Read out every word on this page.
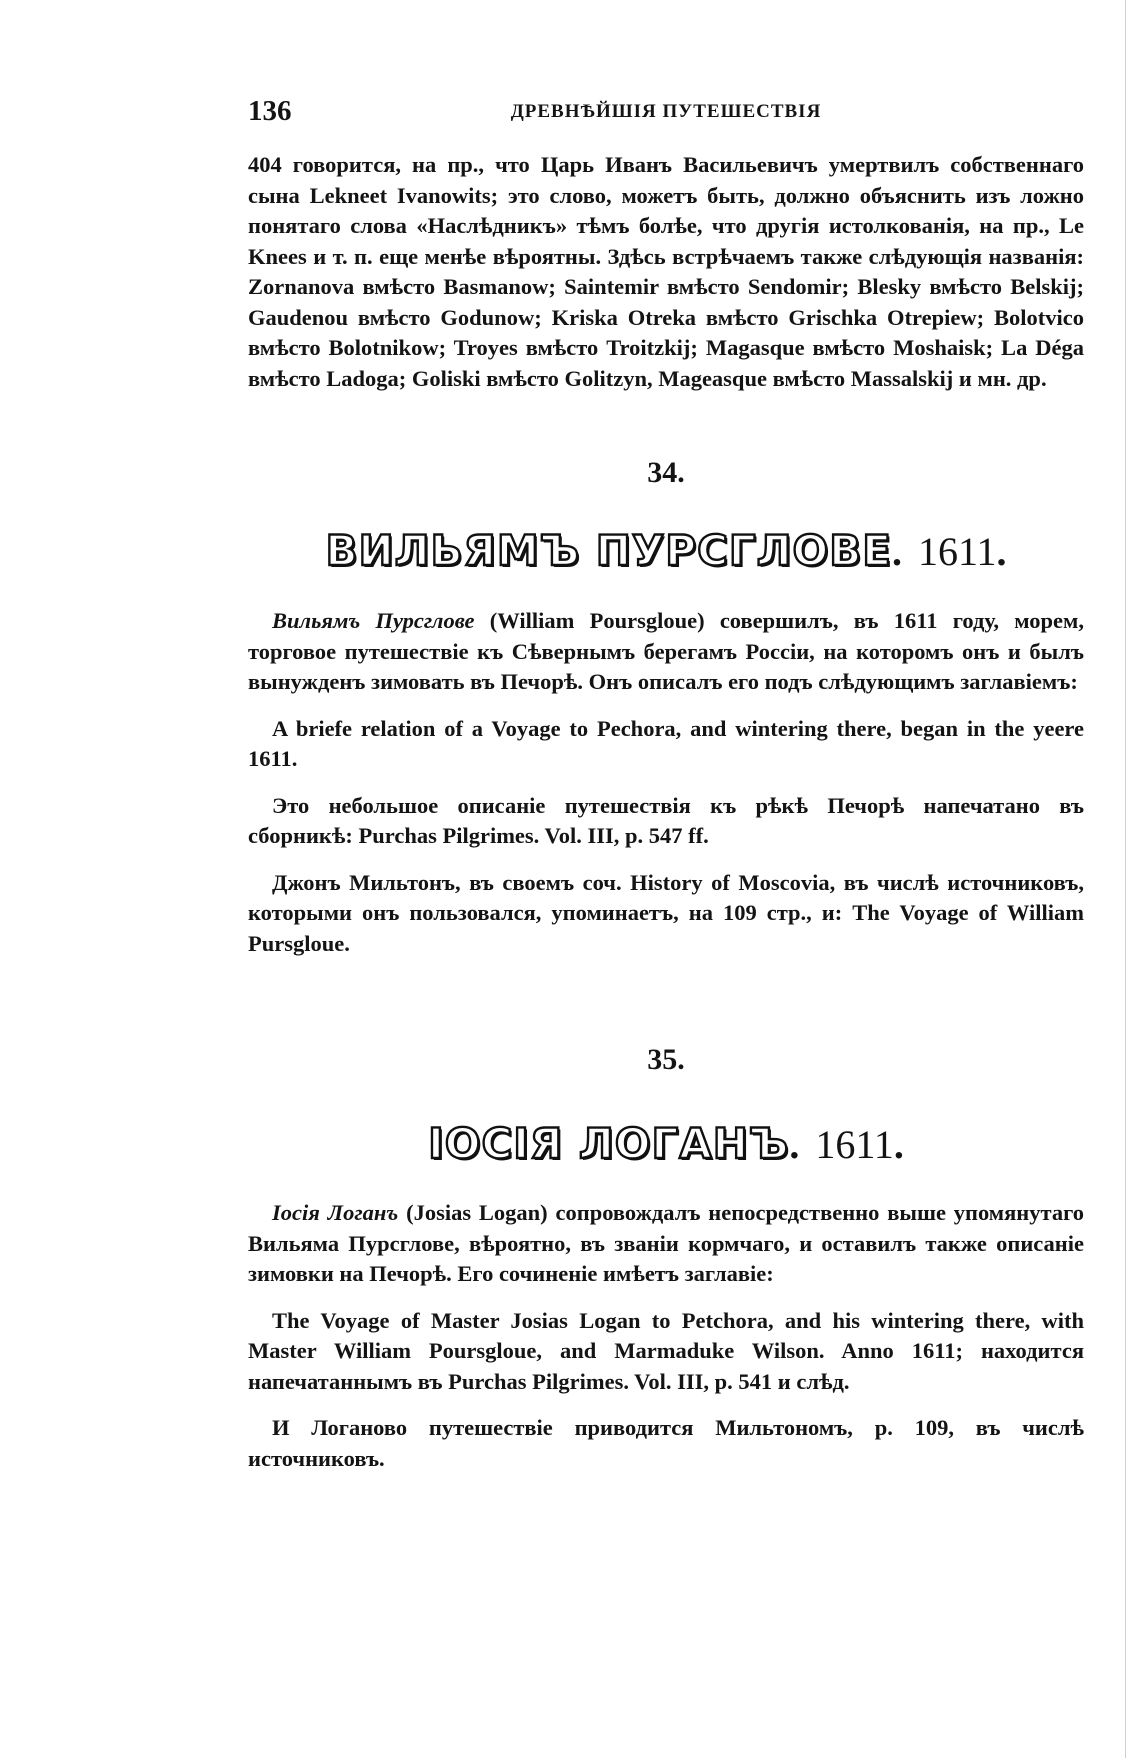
136	ДРЕВНѢЙШІЯ ПУТЕШЕСТВІЯ

404 говорится, на пр., что Царь Иванъ Васильевичъ умертвилъ собственнаго сына Lekneet Ivanowits; это слово, можетъ быть, должно объяснить изъ ложно понятаго слова «Наслѣдникъ» тѣмъ болѣе, что другія истолкованія, на пр., Le Knees и т. п. еще менѣе вѣроятны. Здѣсь встрѣчаемъ также слѣдующія названія: Zornanova вмѣсто Basmanow; Saintemir вмѣсто Sendomir; Blesky вмѣсто Belskij; Gaudenou вмѣсто Godunow; Kriska Otreka вмѣсто Grischka Otrepiew; Bolotvico вмѣсто Bolotnikow; Troyes вмѣсто Troitzkij; Magasque вмѣсто Moshaisk; La Déga вмѣсто Ladoga; Goliski вмѣсто Golitzyn, Mageasque вмѣсто Massalskij и мн. др.

34.
ВИЛЬЯМЪ ПУРСГЛОВЕ. 1611.

Вильямъ Пурсглове (William Poursgloue) совершилъ, въ 1611 году, морем, торговое путешествіе къ Сѣвернымъ берегамъ Россіи, на которомъ онъ и былъ вынужденъ зимовать въ Печорѣ. Онъ описалъ его подъ слѣдующимъ заглавіемъ:

A briefe relation of a Voyage to Pechora, and wintering there, began in the yeere 1611.

Это небольшое описаніе путешествія къ рѣкѣ Печорѣ напечатано въ сборникѣ: Purchas Pilgrimes. Vol. III, p. 547 ff.

Джонъ Мильтонъ, въ своемъ соч. History of Moscovia, въ числѣ источниковъ, которыми онъ пользовался, упоминаетъ, на 109 стр., и: The Voyage of William Pursgloue.

35.
ІОСІЯ ЛОГАНЪ. 1611.

Іосія Логанъ (Josias Logan) сопровождалъ непосредственно выше упомянутаго Вильяма Пурсглове, вѣроятно, въ званіи кормчаго, и оставилъ также описаніе зимовки на Печорѣ. Его сочиненіе имѣетъ заглавіе:

The Voyage of Master Josias Logan to Petchora, and his wintering there, with Master William Poursgloue, and Marmaduke Wilson. Anno 1611; находится напечатаннымъ въ Purchas Pilgrimes. Vol. III, p. 541 и слѣд.

И Логаново путешествіе приводится Мильтономъ, р. 109, въ числѣ источниковъ.
